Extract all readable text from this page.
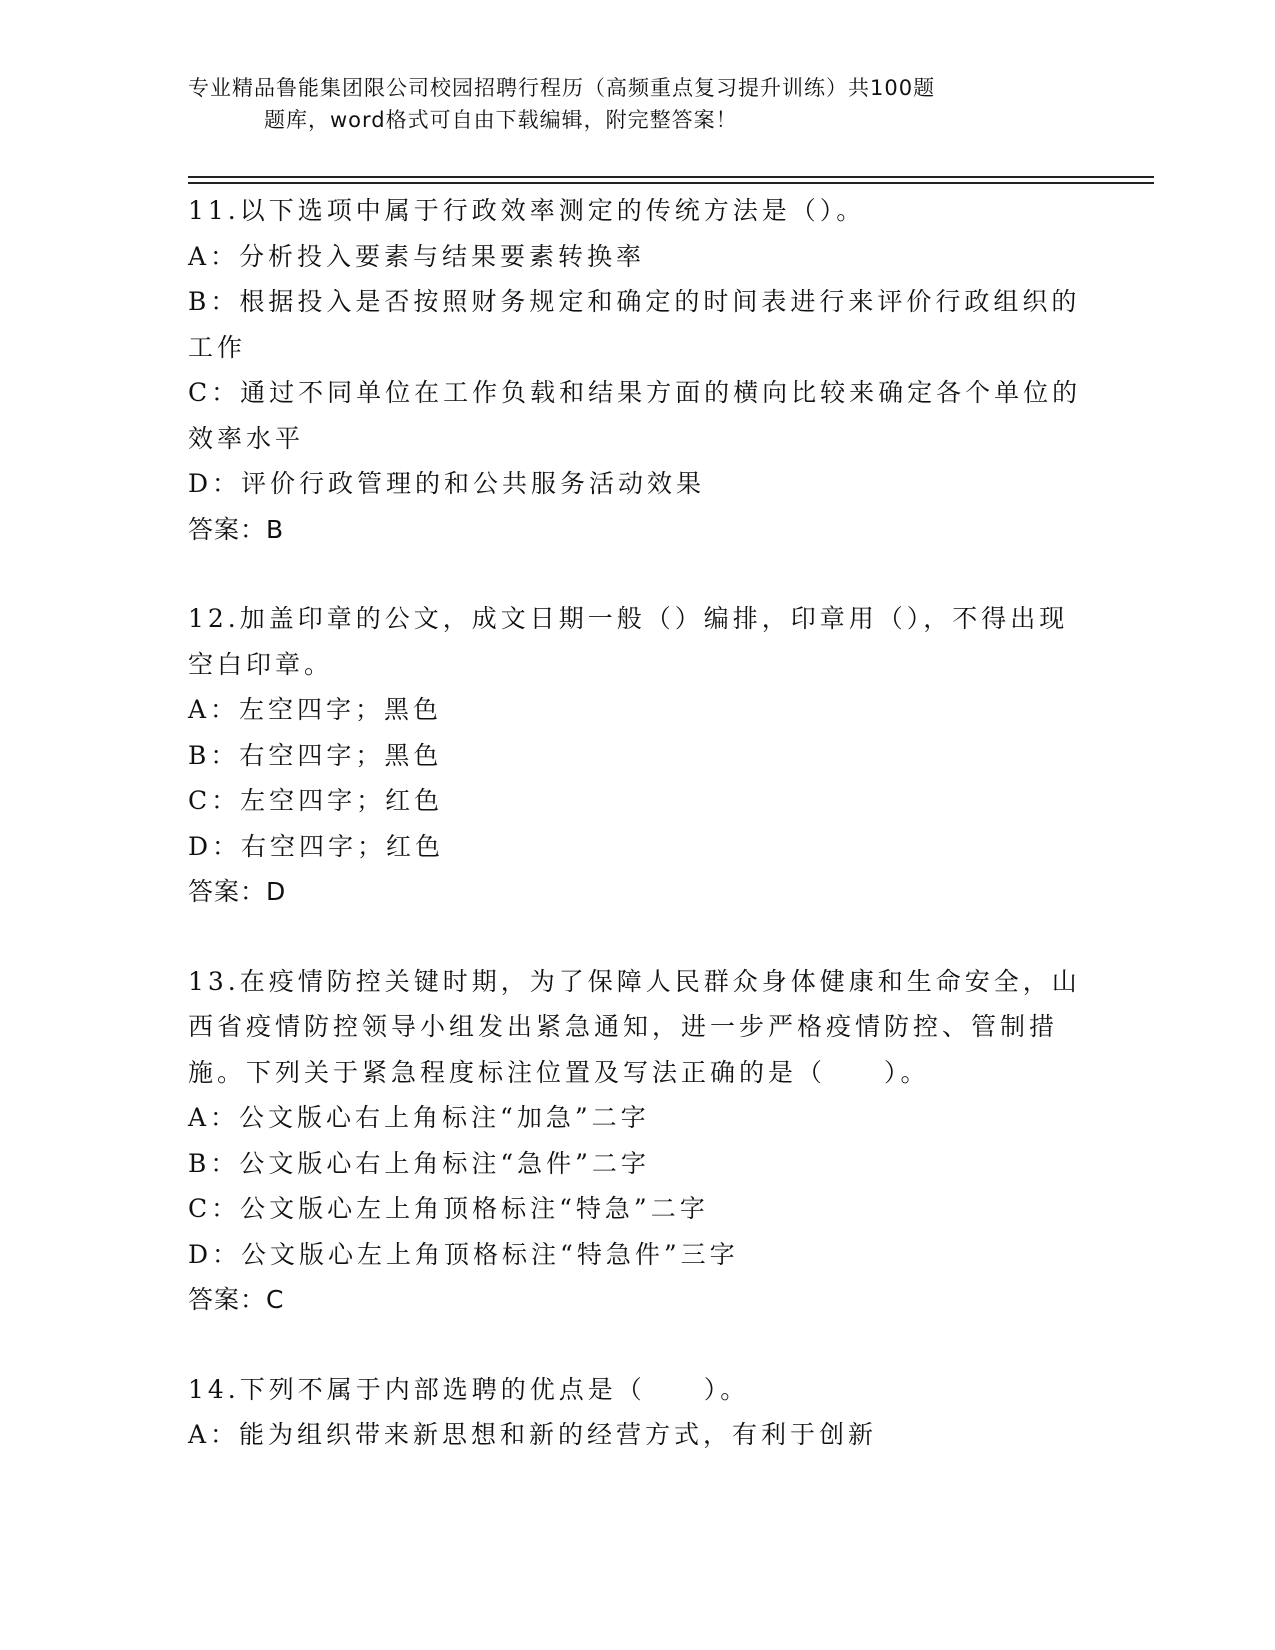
专业精品鲁能集团限公司校园招聘行程历（高频重点复习提升训练）共100题
题库，word格式可自由下载编辑，附完整答案！
11.以下选项中属于行政效率测定的传统方法是（）。
A：分析投入要素与结果要素转换率
B：根据投入是否按照财务规定和确定的时间表进行来评价行政组织的
工作
C：通过不同单位在工作负载和结果方面的横向比较来确定各个单位的
效率水平
D：评价行政管理的和公共服务活动效果
答案：B
12.加盖印章的公文，成文日期一般（）编排，印章用（），不得出现
空白印章。
A：左空四字；黑色
B：右空四字；黑色
C：左空四字；红色
D：右空四字；红色
答案：D
13.在疫情防控关键时期，为了保障人民群众身体健康和生命安全，山
西省疫情防控领导小组发出紧急通知，进一步严格疫情防控、管制措
施。下列关于紧急程度标注位置及写法正确的是（　　）。
A：公文版心右上角标注“加急”二字
B：公文版心右上角标注“急件”二字
C：公文版心左上角顶格标注“特急”二字
D：公文版心左上角顶格标注“特急件”三字
答案：C
14.下列不属于内部选聘的优点是（　　）。
A：能为组织带来新思想和新的经营方式，有利于创新
